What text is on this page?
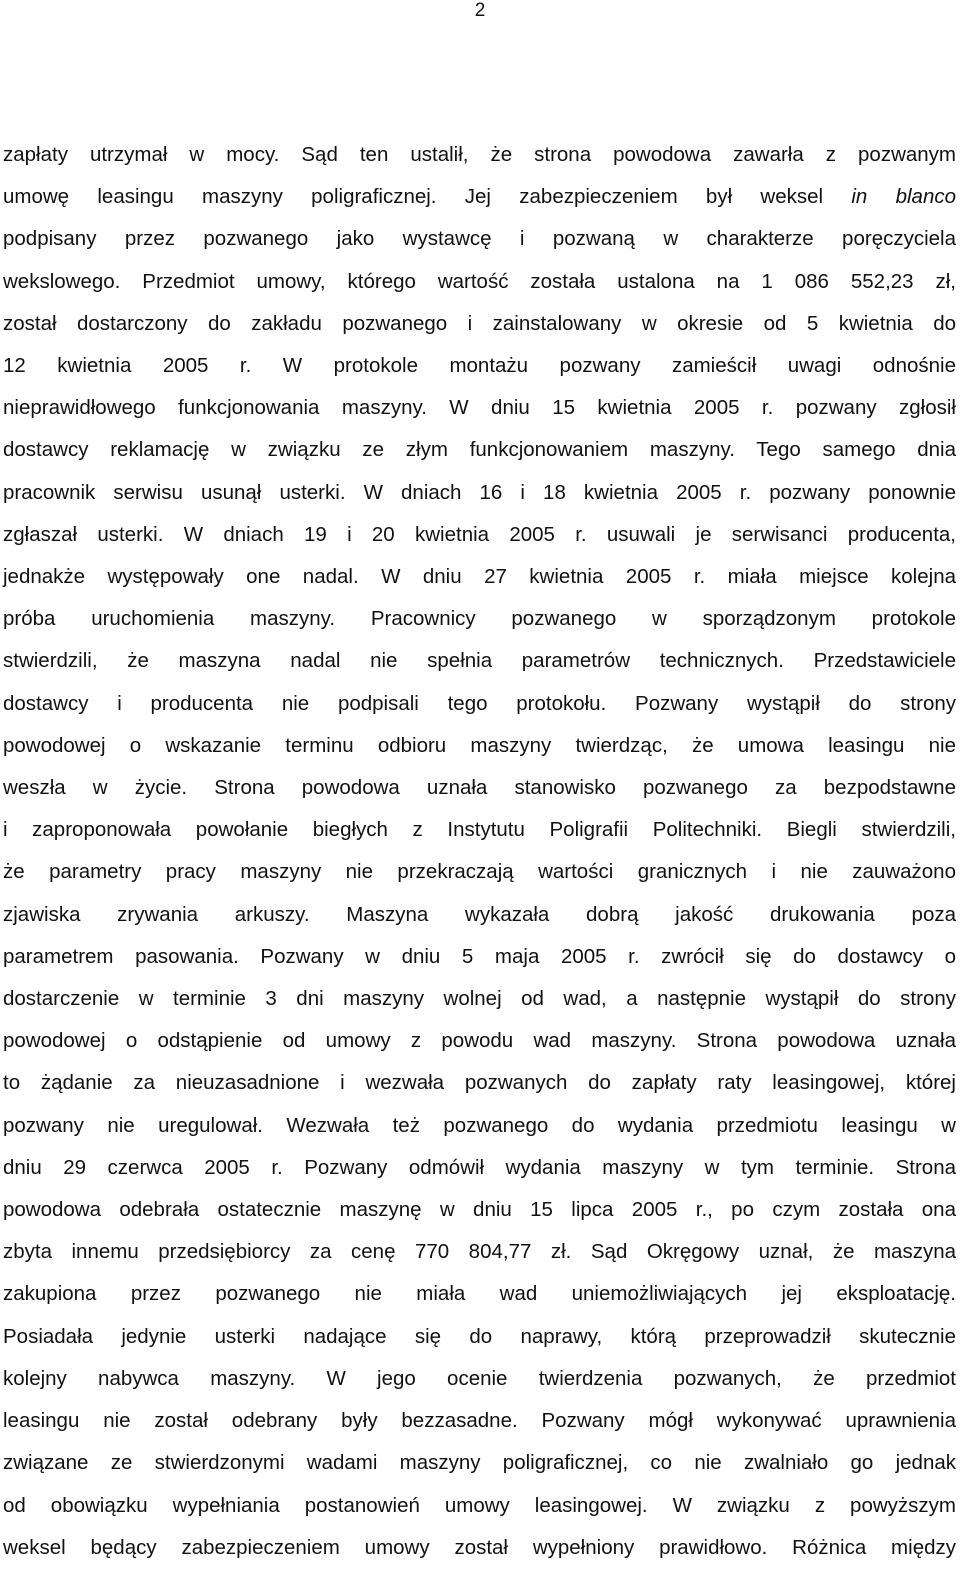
2
zapłaty utrzymał w mocy. Sąd ten ustalił, że strona powodowa zawarła z pozwanym
umowę leasingu maszyny poligraficznej. Jej zabezpieczeniem był weksel in blanco
podpisany przez pozwanego jako wystawcę i pozwaną w charakterze poręczyciela
wekslowego. Przedmiot umowy, którego wartość została ustalona na 1 086 552,23 zł,
został dostarczony do zakładu pozwanego i zainstalowany w okresie od 5 kwietnia do
12 kwietnia 2005 r. W protokole montażu pozwany zamieścił uwagi odnośnie
nieprawidłowego funkcjonowania maszyny. W dniu 15 kwietnia 2005 r. pozwany zgłosił
dostawcy reklamację w związku ze złym funkcjonowaniem maszyny. Tego samego dnia
pracownik serwisu usunął usterki. W dniach 16 i 18 kwietnia 2005 r. pozwany ponownie
zgłaszał usterki. W dniach 19 i 20 kwietnia 2005 r. usuwali je serwisanci producenta,
jednakże występowały one nadal. W dniu 27 kwietnia 2005 r. miała miejsce kolejna
próba uruchomienia maszyny. Pracownicy pozwanego w sporządzonym protokole
stwierdzili, że maszyna nadal nie spełnia parametrów technicznych. Przedstawiciele
dostawcy i producenta nie podpisali tego protokołu. Pozwany wystąpił do strony
powodowej o wskazanie terminu odbioru maszyny twierdząc, że umowa leasingu nie
weszła w życie. Strona powodowa uznała stanowisko pozwanego za bezpodstawne
i zaproponowała powołanie biegłych z Instytutu Poligrafii Politechniki. Biegli stwierdzili,
że parametry pracy maszyny nie przekraczają wartości granicznych i nie zauważono
zjawiska zrywania arkuszy. Maszyna wykazała dobrą jakość drukowania poza
parametrem pasowania. Pozwany w dniu 5 maja 2005 r. zwrócił się do dostawcy o
dostarczenie w terminie 3 dni maszyny wolnej od wad, a następnie wystąpił do strony
powodowej o odstąpienie od umowy z powodu wad maszyny. Strona powodowa uznała
to żądanie za nieuzasadnione i wezwała pozwanych do zapłaty raty leasingowej, której
pozwany nie uregulował. Wezwała też pozwanego do wydania przedmiotu leasingu w
dniu 29 czerwca 2005 r. Pozwany odmówił wydania maszyny w tym terminie. Strona
powodowa odebrała ostatecznie maszynę w dniu 15 lipca 2005 r., po czym została ona
zbyta innemu przedsiębiorcy za cenę 770 804,77 zł. Sąd Okręgowy uznał, że maszyna
zakupiona przez pozwanego nie miała wad uniemożliwiających jej eksploatację.
Posiadała jedynie usterki nadające się do naprawy, którą przeprowadził skutecznie
kolejny nabywca maszyny. W jego ocenie twierdzenia pozwanych, że przedmiot
leasingu nie został odebrany były bezzasadne. Pozwany mógł wykonywać uprawnienia
związane ze stwierdzonymi wadami maszyny poligraficznej, co nie zwalniało go jednak
od obowiązku wypełniania postanowień umowy leasingowej. W związku z powyższym
weksel będący zabezpieczeniem umowy został wypełniony prawidłowo. Różnica między
